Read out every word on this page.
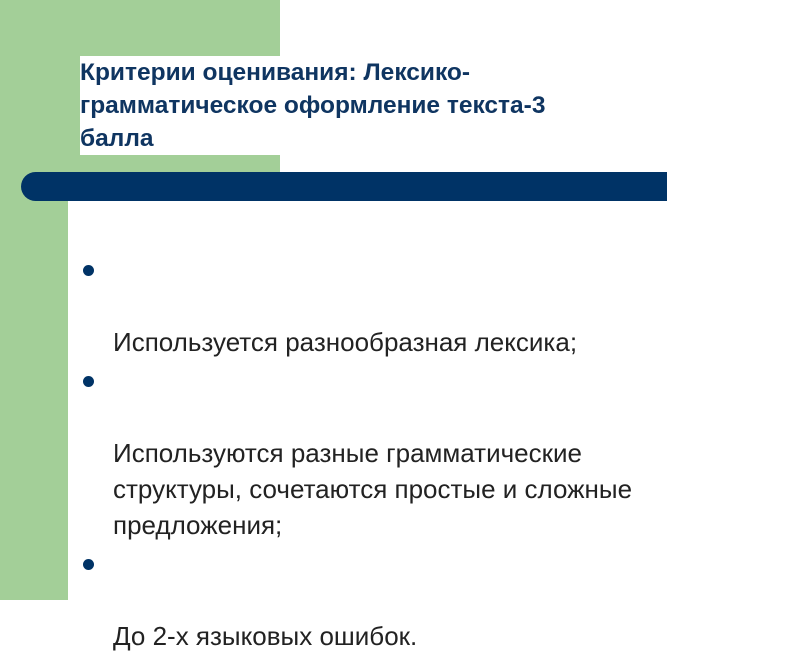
Критерии оценивания: Лексико-
грамматическое оформление текста-3
балла

Используется разнообразная лексика;

Используются разные грамматические
структуры, сочетаются простые и сложные
предложения;

До 2-х языковых ошибок.
